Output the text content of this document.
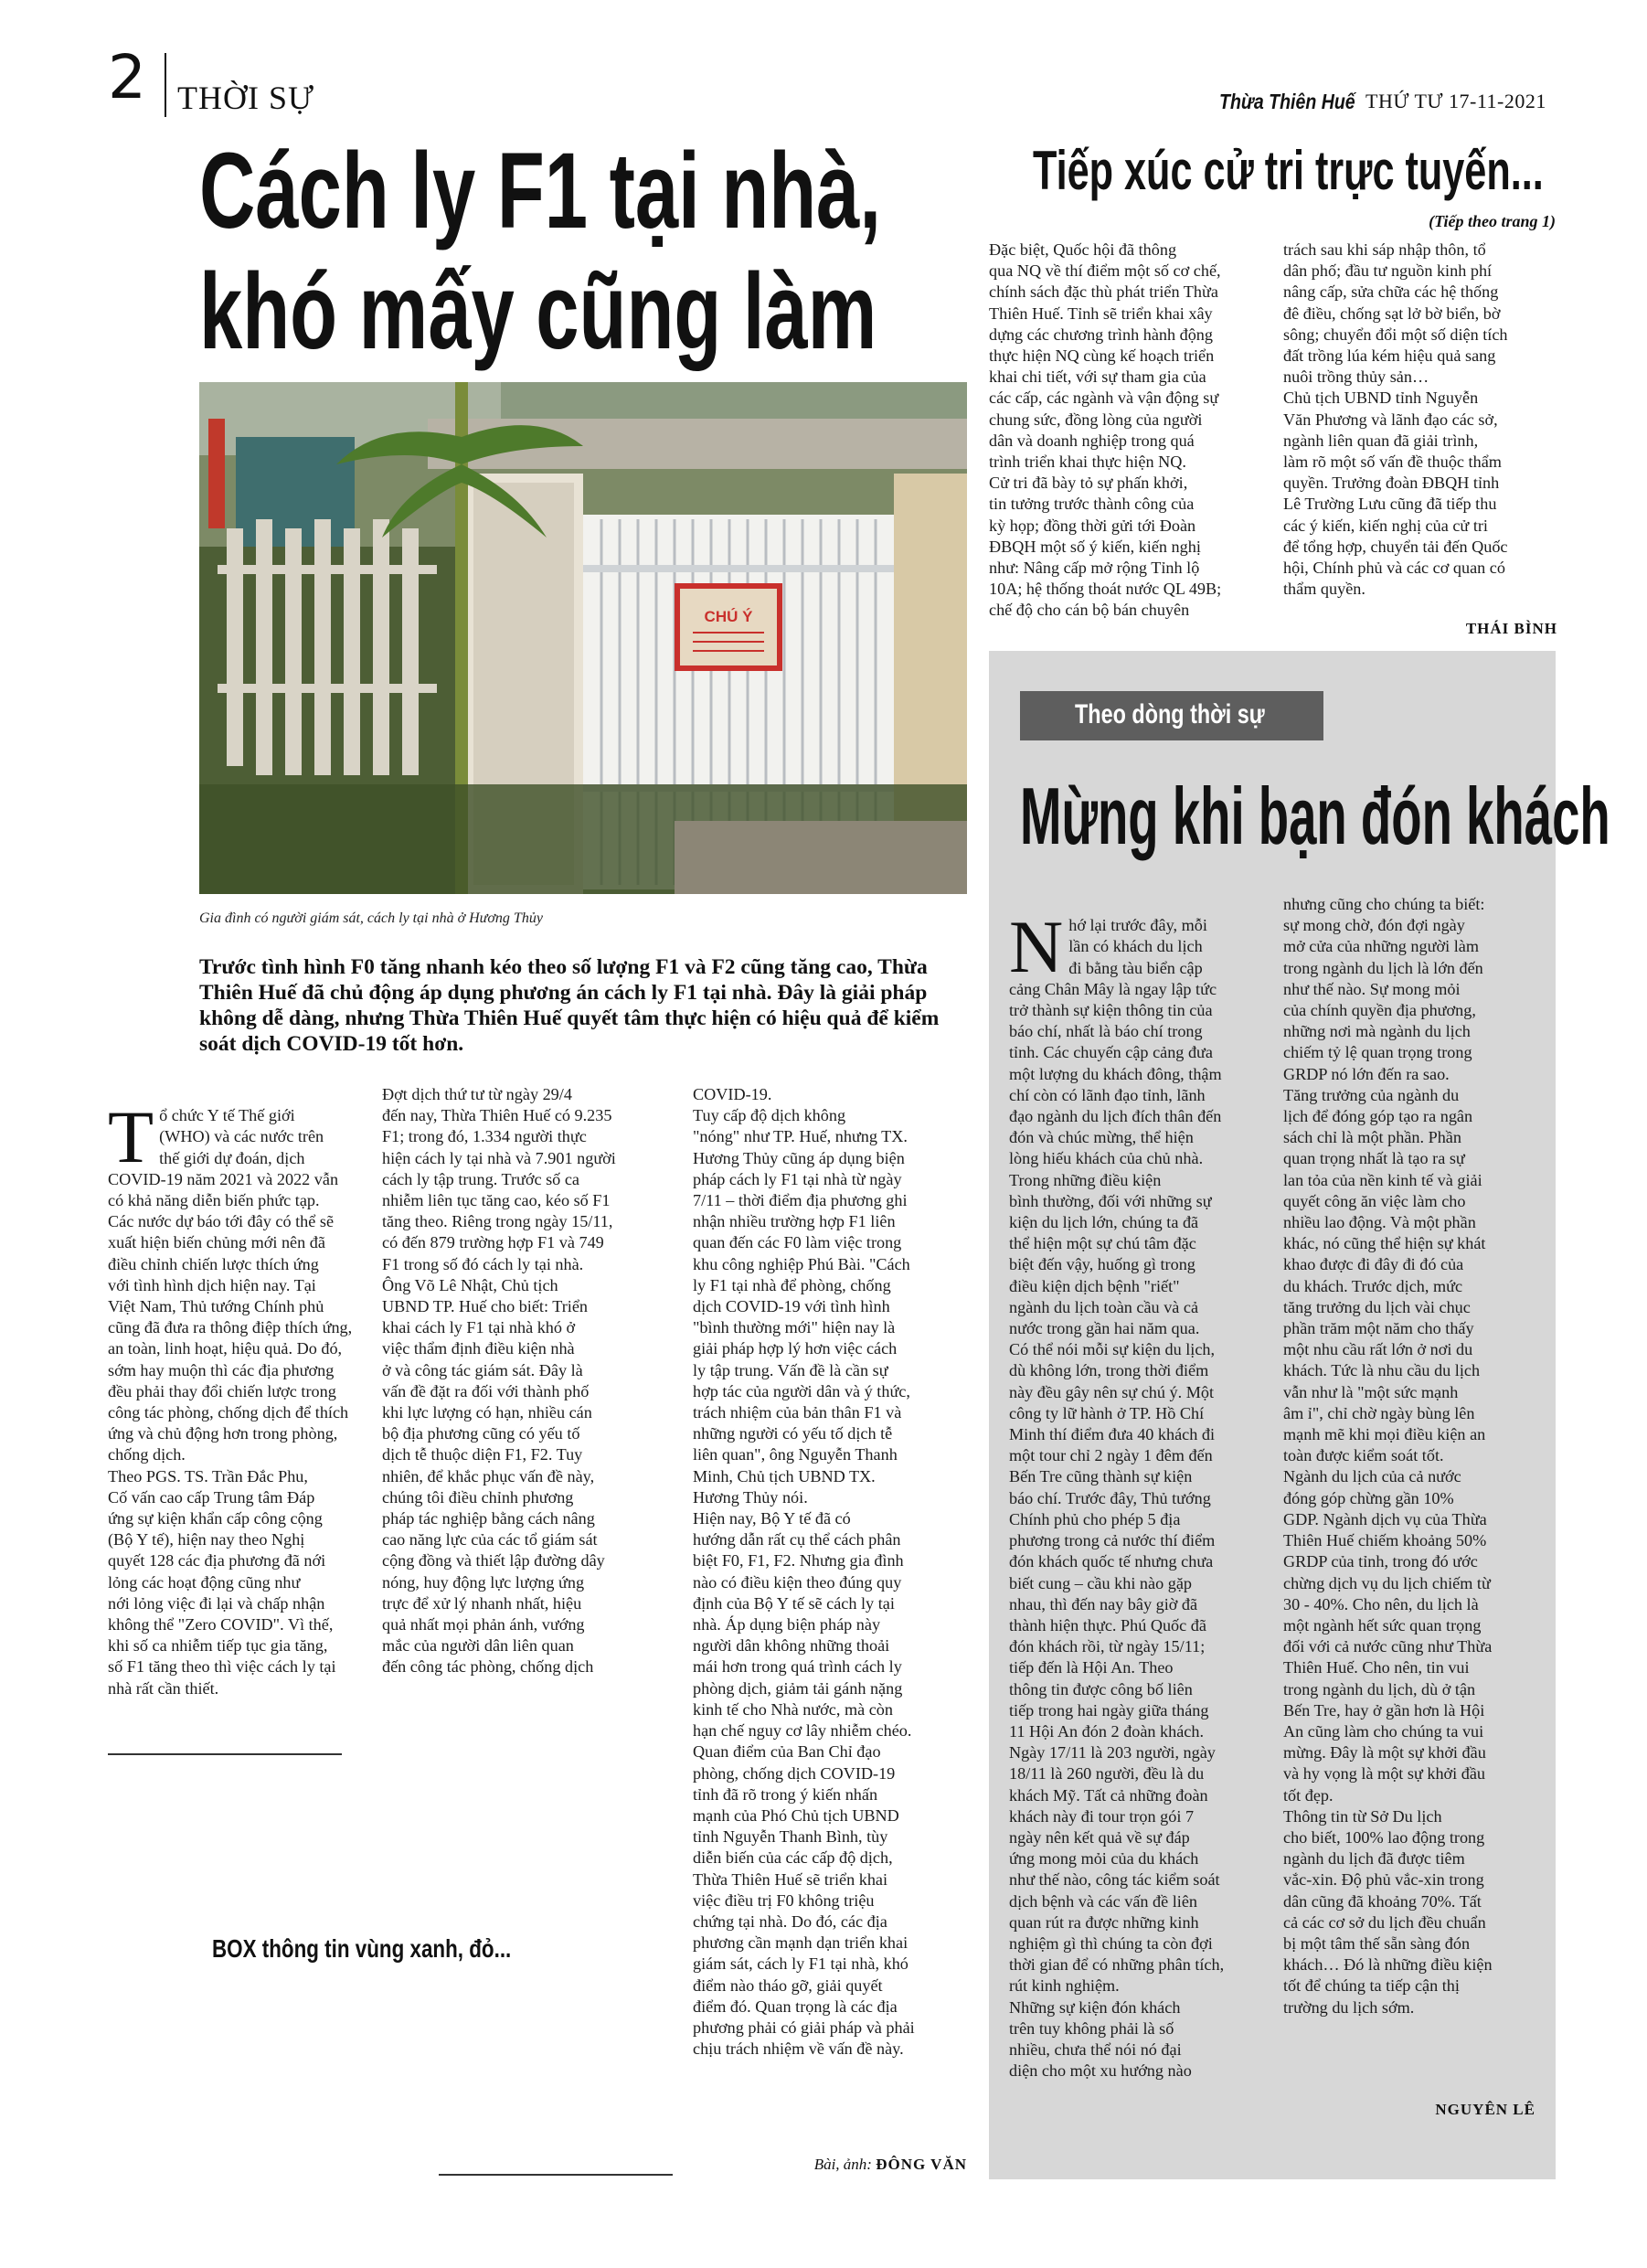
2 THỜI SỰ	Thừa Thiên Huế THỨ TƯ 17-11-2021
Cách ly F1 tại nhà,
khó mấy cũng làm
CHÚ Ý
Gia đình có người giám sát, cách ly tại nhà ở Hương Thủy
Trước tình hình F0 tăng nhanh kéo theo số lượng F1 và F2 cũng tăng cao, Thừa Thiên Huế đã chủ động áp dụng phương án cách ly F1 tại nhà. Đây là giải pháp không dễ dàng, nhưng Thừa Thiên Huế quyết tâm thực hiện có hiệu quả để kiểm soát dịch COVID-19 tốt hơn.

Tổ chức Y tế Thế giới
(WHO) và các nước trên
thế giới dự đoán, dịch
COVID-19 năm 2021 và 2022 vẫn
có khả năng diễn biến phức tạp.
Các nước dự báo tới đây có thể sẽ
xuất hiện biến chủng mới nên đã
điều chỉnh chiến lược thích ứng
với tình hình dịch hiện nay. Tại
Việt Nam, Thủ tướng Chính phủ
cũng đã đưa ra thông điệp thích ứng,
an toàn, linh hoạt, hiệu quả. Do đó,
sớm hay muộn thì các địa phương
đều phải thay đổi chiến lược trong
công tác phòng, chống dịch để thích
ứng và chủ động hơn trong phòng,
chống dịch.
Theo PGS. TS. Trần Đắc Phu,
Cố vấn cao cấp Trung tâm Đáp
ứng sự kiện khẩn cấp công cộng
(Bộ Y tế), hiện nay theo Nghị
quyết 128 các địa phương đã nới
lỏng các hoạt động cũng như
nới lỏng việc đi lại và chấp nhận
không thể "Zero COVID". Vì thế,
khi số ca nhiễm tiếp tục gia tăng,
số F1 tăng theo thì việc cách ly tại
nhà rất cần thiết.

Đợt dịch thứ tư từ ngày 29/4
đến nay, Thừa Thiên Huế có 9.235
F1; trong đó, 1.334 người thực
hiện cách ly tại nhà và 7.901 người
cách ly tập trung. Trước số ca
nhiễm liên tục tăng cao, kéo số F1
tăng theo. Riêng trong ngày 15/11,
có đến 879 trường hợp F1 và 749
F1 trong số đó cách ly tại nhà.
Ông Võ Lê Nhật, Chủ tịch
UBND TP. Huế cho biết: Triển
khai cách ly F1 tại nhà khó ở
việc thẩm định điều kiện nhà
ở và công tác giám sát. Đây là
vấn đề đặt ra đối với thành phố
khi lực lượng có hạn, nhiều cán
bộ địa phương cũng có yếu tố
dịch tễ thuộc diện F1, F2. Tuy
nhiên, để khắc phục vấn đề này,
chúng tôi điều chỉnh phương
pháp tác nghiệp bằng cách nâng
cao năng lực của các tổ giám sát
cộng đồng và thiết lập đường dây
nóng, huy động lực lượng ứng
trực để xử lý nhanh nhất, hiệu
quả nhất mọi phản ánh, vướng
mắc của người dân liên quan
đến công tác phòng, chống dịch
COVID-19.
Tuy cấp độ dịch không
"nóng" như TP. Huế, nhưng TX.
Hương Thủy cũng áp dụng biện
pháp cách ly F1 tại nhà từ ngày
7/11 – thời điểm địa phương ghi
nhận nhiều trường hợp F1 liên
quan đến các F0 làm việc trong
khu công nghiệp Phú Bài. "Cách
ly F1 tại nhà để phòng, chống
dịch COVID-19 với tình hình
"bình thường mới" hiện nay là
giải pháp hợp lý hơn việc cách
ly tập trung. Vấn đề là cần sự
hợp tác của người dân và ý thức,
trách nhiệm của bản thân F1 và
những người có yếu tố dịch tễ
liên quan", ông Nguyễn Thanh
Minh, Chủ tịch UBND TX.
Hương Thủy nói.
Hiện nay, Bộ Y tế đã có
hướng dẫn rất cụ thể cách phân
biệt F0, F1, F2. Nhưng gia đình
nào có điều kiện theo đúng quy
định của Bộ Y tế sẽ cách ly tại
nhà. Áp dụng biện pháp này
người dân không những thoải
mái hơn trong quá trình cách ly
phòng dịch, giảm tải gánh nặng
kinh tế cho Nhà nước, mà còn
hạn chế nguy cơ lây nhiễm chéo.
Quan điểm của Ban Chỉ đạo
phòng, chống dịch COVID-19
tỉnh đã rõ trong ý kiến nhấn
mạnh của Phó Chủ tịch UBND
tỉnh Nguyễn Thanh Bình, tùy
diễn biến của các cấp độ dịch,
Thừa Thiên Huế sẽ triển khai
việc điều trị F0 không triệu
chứng tại nhà. Do đó, các địa
phương cần mạnh dạn triển khai
giám sát, cách ly F1 tại nhà, khó
điểm nào tháo gỡ, giải quyết
điểm đó. Quan trọng là các địa
phương phải có giải pháp và phải
chịu trách nhiệm về vấn đề này.
BOX thông tin vùng xanh, đỏ...
Bài, ảnh: ĐÔNG VĂN
Tiếp xúc cử tri trực tuyến...
(Tiếp theo trang 1)
Đặc biệt, Quốc hội đã thông
qua NQ về thí điểm một số cơ chế,
chính sách đặc thù phát triển Thừa
Thiên Huế. Tỉnh sẽ triển khai xây
dựng các chương trình hành động
thực hiện NQ cùng kế hoạch triển
khai chi tiết, với sự tham gia của
các cấp, các ngành và vận động sự
chung sức, đồng lòng của người
dân và doanh nghiệp trong quá
trình triển khai thực hiện NQ.
Cử tri đã bày tỏ sự phấn khởi,
tin tưởng trước thành công của
kỳ họp; đồng thời gửi tới Đoàn
ĐBQH một số ý kiến, kiến nghị
như: Nâng cấp mở rộng Tỉnh lộ
10A; hệ thống thoát nước QL 49B;
chế độ cho cán bộ bán chuyên
trách sau khi sáp nhập thôn, tổ
dân phố; đầu tư nguồn kinh phí
nâng cấp, sửa chữa các hệ thống
đê điều, chống sạt lở bờ biển, bờ
sông; chuyển đổi một số diện tích
đất trồng lúa kém hiệu quả sang
nuôi trồng thủy sản…
Chủ tịch UBND tỉnh Nguyễn
Văn Phương và lãnh đạo các sở,
ngành liên quan đã giải trình,
làm rõ một số vấn đề thuộc thẩm
quyền. Trưởng đoàn ĐBQH tỉnh
Lê Trường Lưu cũng đã tiếp thu
các ý kiến, kiến nghị của cử tri
để tổng hợp, chuyển tải đến Quốc
hội, Chính phủ và các cơ quan có
thẩm quyền.
THÁI BÌNH
Theo dòng thời sự
Mừng khi bạn đón khách

Nhớ lại trước đây, mỗi
lần có khách du lịch
đi bằng tàu biển cập
cảng Chân Mây là ngay lập tức
trở thành sự kiện thông tin của
báo chí, nhất là báo chí trong
tỉnh. Các chuyến cập cảng đưa
một lượng du khách đông, thậm
chí còn có lãnh đạo tỉnh, lãnh
đạo ngành du lịch đích thân đến
đón và chúc mừng, thể hiện
lòng hiếu khách của chủ nhà.
Trong những điều kiện
bình thường, đối với những sự
kiện du lịch lớn, chúng ta đã
thể hiện một sự chú tâm đặc
biệt đến vậy, huống gì trong
điều kiện dịch bệnh "riết"
ngành du lịch toàn cầu và cả
nước trong gần hai năm qua.
Có thể nói mỗi sự kiện du lịch,
dù không lớn, trong thời điểm
này đều gây nên sự chú ý. Một
công ty lữ hành ở TP. Hồ Chí
Minh thí điểm đưa 40 khách đi
một tour chỉ 2 ngày 1 đêm đến
Bến Tre cũng thành sự kiện
báo chí. Trước đây, Thủ tướng
Chính phủ cho phép 5 địa
phương trong cả nước thí điểm
đón khách quốc tế nhưng chưa
biết cung – cầu khi nào gặp
nhau, thì đến nay bây giờ đã
thành hiện thực. Phú Quốc đã
đón khách rồi, từ ngày 15/11;
tiếp đến là Hội An. Theo
thông tin được công bố liên
tiếp trong hai ngày giữa tháng
11 Hội An đón 2 đoàn khách.
Ngày 17/11 là 203 người, ngày
18/11 là 260 người, đều là du
khách Mỹ. Tất cả những đoàn
khách này đi tour trọn gói 7
ngày nên kết quả về sự đáp
ứng mong mỏi của du khách
như thế nào, công tác kiểm soát
dịch bệnh và các vấn đề liên
quan rút ra được những kinh
nghiệm gì thì chúng ta còn đợi
thời gian để có những phân tích,
rút kinh nghiệm.
Những sự kiện đón khách
trên tuy không phải là số
nhiều, chưa thể nói nó đại
diện cho một xu hướng nào

nhưng cũng cho chúng ta biết:
sự mong chờ, đón đợi ngày
mở cửa của những người làm
trong ngành du lịch là lớn đến
như thế nào. Sự mong mỏi
của chính quyền địa phương,
những nơi mà ngành du lịch
chiếm tỷ lệ quan trọng trong
GRDP nó lớn đến ra sao.
Tăng trưởng của ngành du
lịch để đóng góp tạo ra ngân
sách chỉ là một phần. Phần
quan trọng nhất là tạo ra sự
lan tỏa của nền kinh tế và giải
quyết công ăn việc làm cho
nhiều lao động. Và một phần
khác, nó cũng thể hiện sự khát
khao được đi đây đi đó của
du khách. Trước dịch, mức
tăng trưởng du lịch vài chục
phần trăm một năm cho thấy
một nhu cầu rất lớn ở nơi du
khách. Tức là nhu cầu du lịch
vẫn như là "một sức mạnh
âm ỉ", chỉ chờ ngày bùng lên
mạnh mẽ khi mọi điều kiện an
toàn được kiểm soát tốt.
Ngành du lịch của cả nước
đóng góp chừng gần 10%
GDP. Ngành dịch vụ của Thừa
Thiên Huế chiếm khoảng 50%
GRDP của tỉnh, trong đó ước
chừng dịch vụ du lịch chiếm từ
30 - 40%. Cho nên, du lịch là
một ngành hết sức quan trọng
đối với cả nước cũng như Thừa
Thiên Huế. Cho nên, tin vui
trong ngành du lịch, dù ở tận
Bến Tre, hay ở gần hơn là Hội
An cũng làm cho chúng ta vui
mừng. Đây là một sự khởi đầu
và hy vọng là một sự khởi đầu
tốt đẹp.
Thông tin từ Sở Du lịch
cho biết, 100% lao động trong
ngành du lịch đã được tiêm
vắc-xin. Độ phủ vắc-xin trong
dân cũng đã khoảng 70%. Tất
cả các cơ sở du lịch đều chuẩn
bị một tâm thế sẵn sàng đón
khách… Đó là những điều kiện
tốt để chúng ta tiếp cận thị
trường du lịch sớm.
NGUYÊN LÊ
